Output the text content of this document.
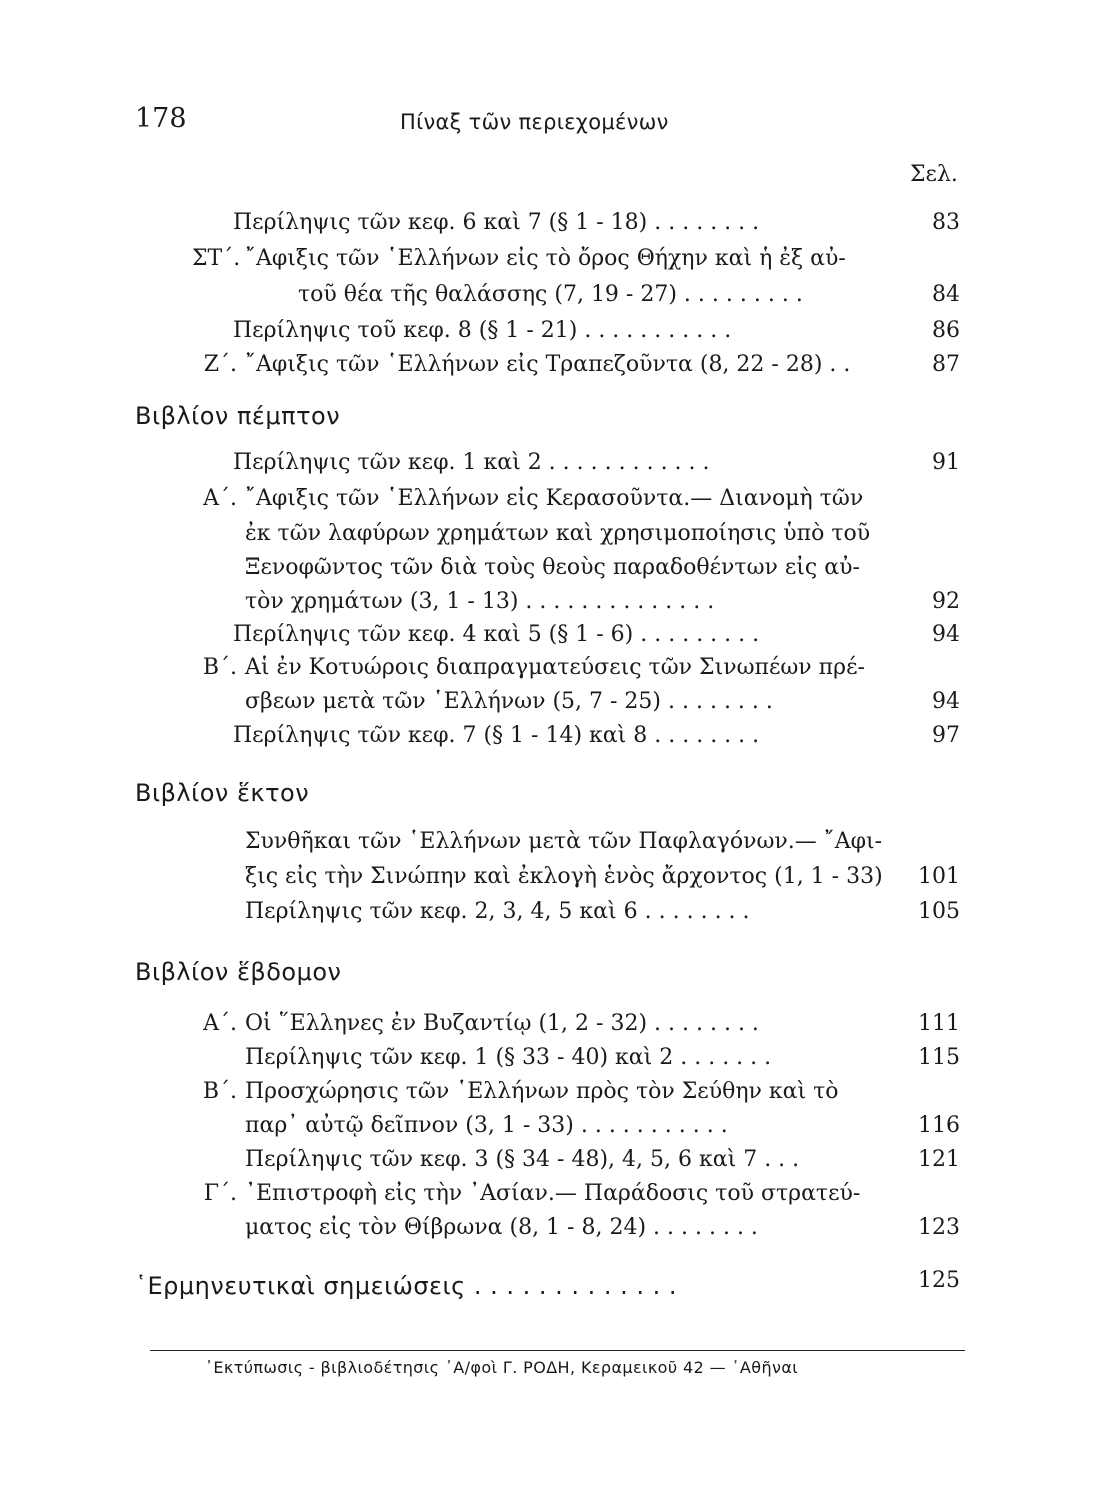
178	Πίναξ τῶν περιεχομένων
Σελ.
Περίληψις τῶν κεφ. 6 καὶ 7 (§ 1 - 18) . . . . . . . .	83
ΣΤ΄. ῎Αφιξις τῶν ῾Ελλήνων εἰς τὸ ὄρος Θήχην καὶ ἡ ἐξ αὐ-
τοῦ θέα τῆς θαλάσσης (7, 19 - 27) . . . . . . . . .	84
Περίληψις τοῦ κεφ. 8 (§ 1 - 21) . . . . . . . . . . .	86
Ζ΄. ῎Αφιξις τῶν ῾Ελλήνων εἰς Τραπεζοῦντα (8, 22 - 28) . .	87
Βιβλίον πέμπτον
Περίληψις τῶν κεφ. 1 καὶ 2 . . . . . . . . . . . .	91
Α΄. ῎Αφιξις τῶν ῾Ελλήνων εἰς Κερασοῦντα.— Διανομὴ τῶν
ἐκ τῶν λαφύρων χρημάτων καὶ χρησιμοποίησις ὑπὸ τοῦ
Ξενοφῶντος τῶν διὰ τοὺς θεοὺς παραδοθέντων εἰς αὐ-
τὸν χρημάτων (3, 1 - 13) . . . . . . . . . . . . . .	92
Περίληψις τῶν κεφ. 4 καὶ 5 (§ 1 - 6) . . . . . . . . .	94
Β΄. Αἱ ἐν Κοτυώροις διαπραγματεύσεις τῶν Σινωπέων πρέ-
σβεων μετὰ τῶν ῾Ελλήνων (5, 7 - 25) . . . . . . . .	94
Περίληψις τῶν κεφ. 7 (§ 1 - 14) καὶ 8 . . . . . . . .	97
Βιβλίον ἕκτον
Συνθῆκαι τῶν ῾Ελλήνων μετὰ τῶν Παφλαγόνων.— ῎Αφι-
ξις εἰς τὴν Σινώπην καὶ ἐκλογὴ ἑνὸς ἄρχοντος (1, 1 - 33)	101
Περίληψις τῶν κεφ. 2, 3, 4, 5 καὶ 6 . . . . . . . .	105
Βιβλίον ἕβδομον
Α΄. Οἱ ῞Ελληνες ἐν Βυζαντίῳ (1, 2 - 32) . . . . . . . .	111
Περίληψις τῶν κεφ. 1 (§ 33 - 40) καὶ 2 . . . . . . .	115
Β΄. Προσχώρησις τῶν ῾Ελλήνων πρὸς τὸν Σεύθην καὶ τὸ
παρ᾽ αὐτῷ δεῖπνον (3, 1 - 33) . . . . . . . . . . .	116
Περίληψις τῶν κεφ. 3 (§ 34 - 48), 4, 5, 6 καὶ 7 . . .	121
Γ΄. ᾽Επιστροφὴ εἰς τὴν ᾽Ασίαν.— Παράδοσις τοῦ στρατεύ-
ματος εἰς τὸν Θίβρωνα (8, 1 - 8, 24) . . . . . . . .	123
῾Ερμηνευτικαὶ σημειώσεις . . . . . . . . . . . . .	125
᾽Εκτύπωσις - βιβλιοδέτησις ᾽Α/φοὶ Γ. ΡΟΔΗ, Κεραμεικοῦ 42 — ᾽Αθῆναι
